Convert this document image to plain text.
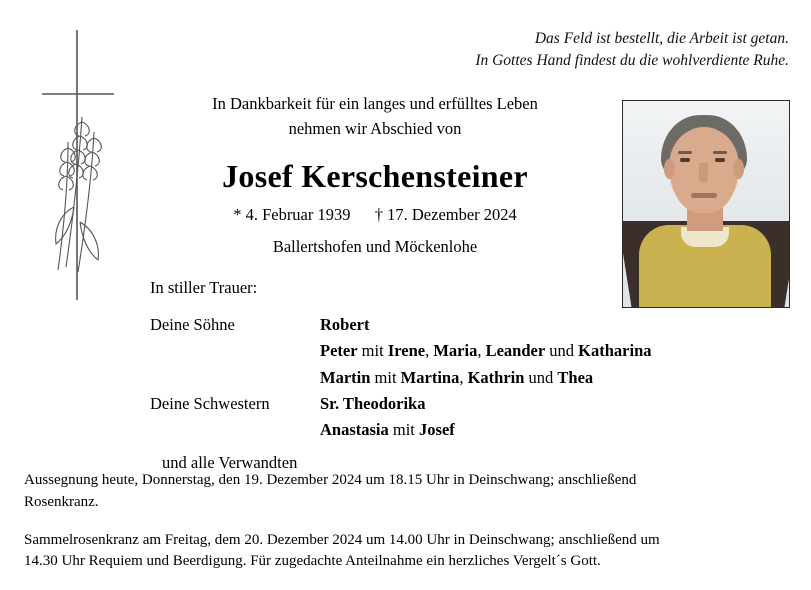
Das Feld ist bestellt, die Arbeit ist getan.
In Gottes Hand findest du die wohlverdiente Ruhe.
In Dankbarkeit für ein langes und erfülltes Leben
nehmen wir Abschied von
Josef Kerschensteiner
* 4. Februar 1939 † 17. Dezember 2024
Ballertshofen und Möckenlohe
In stiller Trauer:
Deine Söhne	Robert
	Peter mit Irene, Maria, Leander und Katharina
	Martin mit Martina, Kathrin und Thea
Deine Schwestern	Sr. Theodorika
	Anastasia mit Josef
und alle Verwandten

Aussegnung heute, Donnerstag, den 19. Dezember 2024 um 18.15 Uhr in Deinschwang; anschließend Rosenkranz.

Sammelrosenkranz am Freitag, dem 20. Dezember 2024 um 14.00 Uhr in Deinschwang; anschließend um 14.30 Uhr Requiem und Beerdigung. Für zugedachte Anteilnahme ein herzliches Vergelt´s Gott.
